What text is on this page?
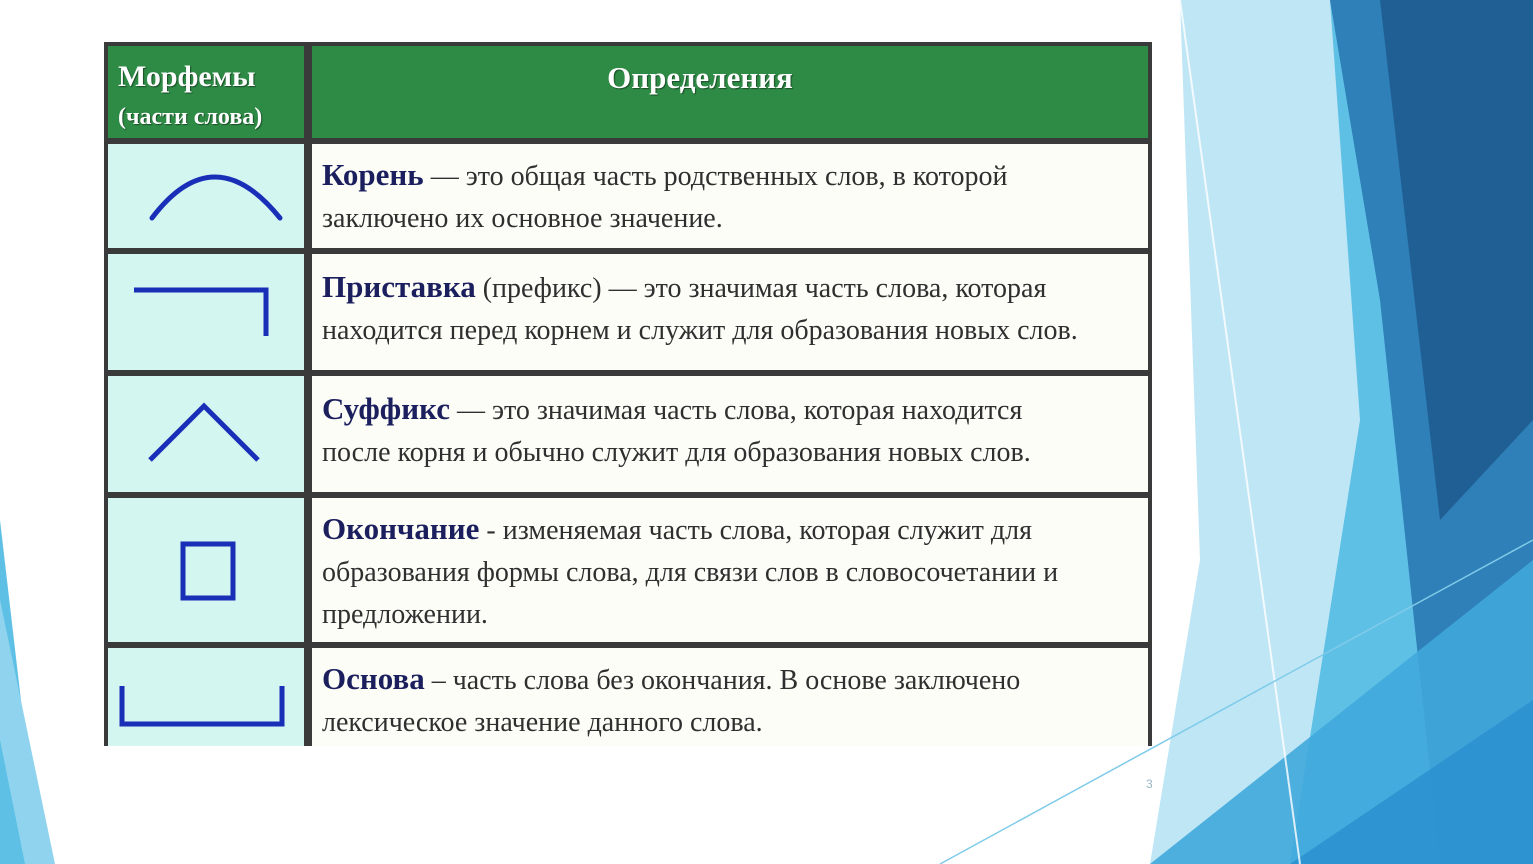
Морфемы
(части слова)
Определения
Корень — это общая часть родственных слов, в которой
заключено их основное значение.
Приставка (префикс) — это значимая часть слова, которая
находится перед корнем и служит для образования новых слов.
Суффикс — это значимая часть слова, которая находится
после корня и обычно служит для образования новых слов.
Окончание - изменяемая часть слова, которая служит для
образования формы слова, для связи слов в словосочетании и
предложении.
Основа – часть слова без окончания. В основе заключено
лексическое значение данного слова.
3
